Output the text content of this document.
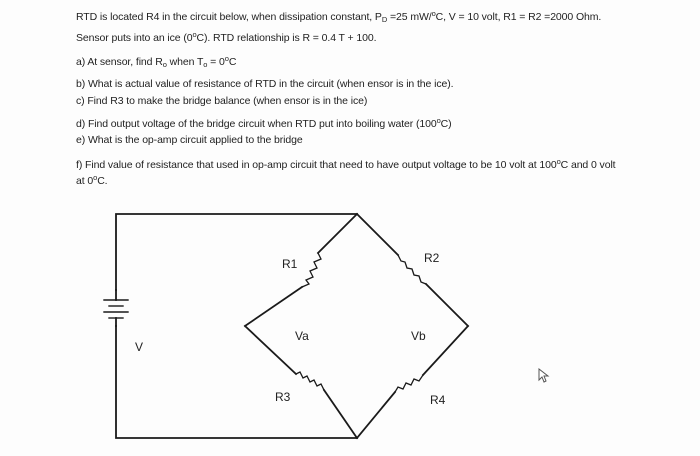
RTD is located R4 in the circuit below, when dissipation constant, $P_D =25$ mW/$^o$C, V = 10 volt, R1 = R2 =2000 Ohm.
Sensor puts into an ice (0$^o$C). RTD relationship is R = 0.4 T + 100.
a) At sensor, find $R_o$ when $T_o = 0^oC$
b) What is actual value of resistance of RTD in the circuit (when ensor is in the ice).
c) Find R3 to make the bridge balance (when ensor is in the ice)
d) Find output voltage of the bridge circuit when RTD put into boiling water (100$^o$C)
e) What is the op-amp circuit applied to the bridge
f) Find value of resistance that used in op-amp circuit that need to have output voltage to be 10 volt at 100$^o$C and 0 volt
at 0$^o$C.
R1	R2
R3	R4
Va	Vb
V
